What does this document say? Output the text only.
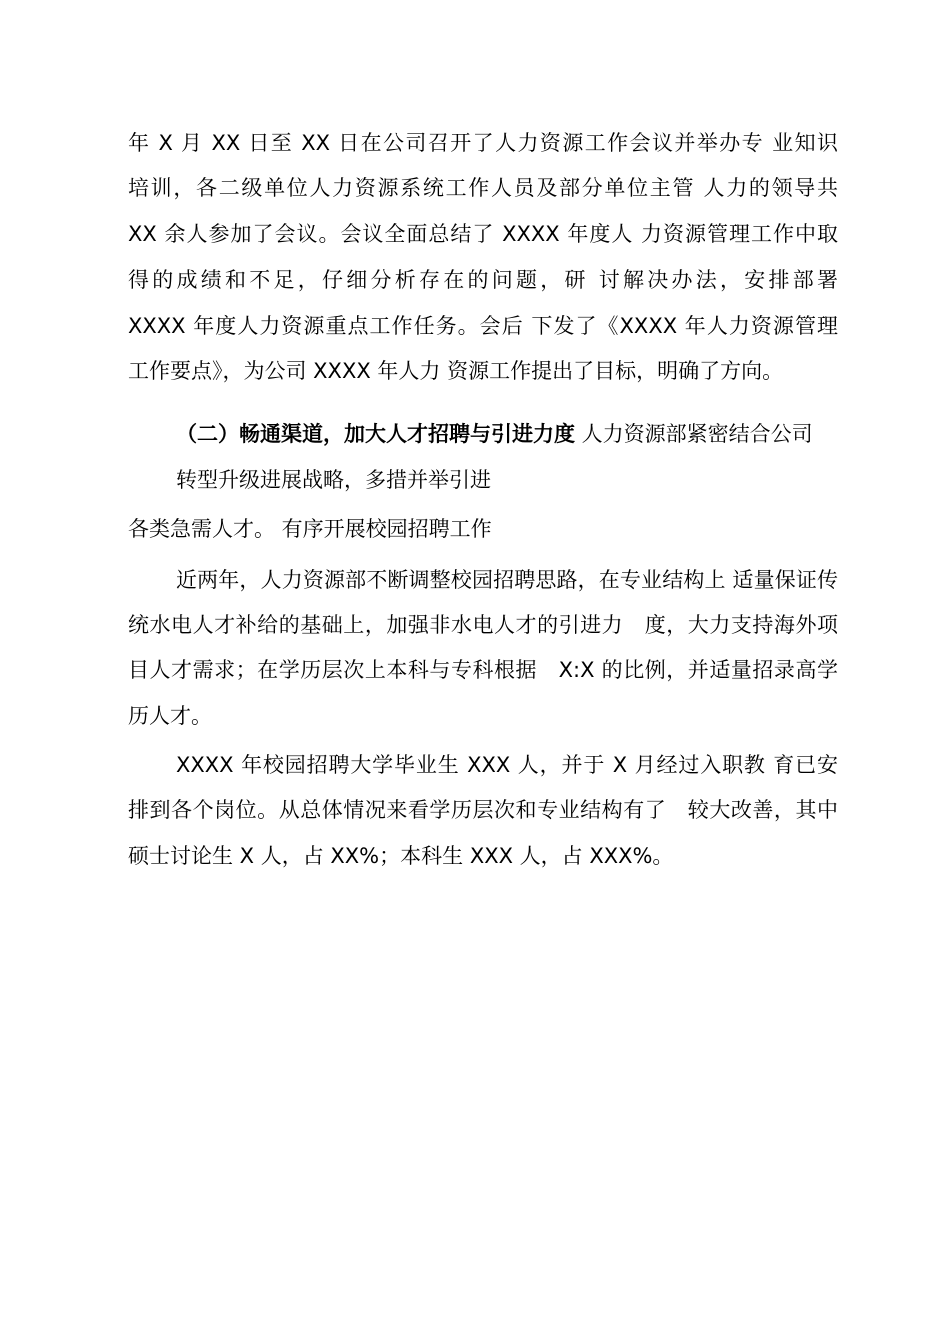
年 X 月 XX 日至 XX 日在公司召开了人力资源工作会议并举办专 业知识
培训，各二级单位人力资源系统工作人员及部分单位主管 人力的领导共
XX 余人参加了会议。会议全面总结了 XXXX 年度人 力资源管理工作中取
得的成绩和不足，仔细分析存在的问题，研 讨解决办法，安排部署
XXXX 年度人力资源重点工作任务。会后 下发了《XXXX 年人力资源管理
工作要点》，为公司 XXXX 年人力 资源工作提出了目标，明确了方向。
（二）畅通渠道，加大人才招聘与引进力度 人力资源部紧密结合公司
转型升级进展战略，多措并举引进
各类急需人才。 有序开展校园招聘工作
近两年，人力资源部不断调整校园招聘思路，在专业结构上 适量保证传
统水电人才补给的基础上，加强非水电人才的引进力　度，大力支持海外项
目人才需求；在学历层次上本科与专科根据　X:X 的比例，并适量招录高学
历人才。
XXXX 年校园招聘大学毕业生 XXX 人，并于 X 月经过入职教 育已安
排到各个岗位。从总体情况来看学历层次和专业结构有了　较大改善，其中
硕士讨论生 X 人，占 XX%；本科生 XXX 人，占 XXX%。
